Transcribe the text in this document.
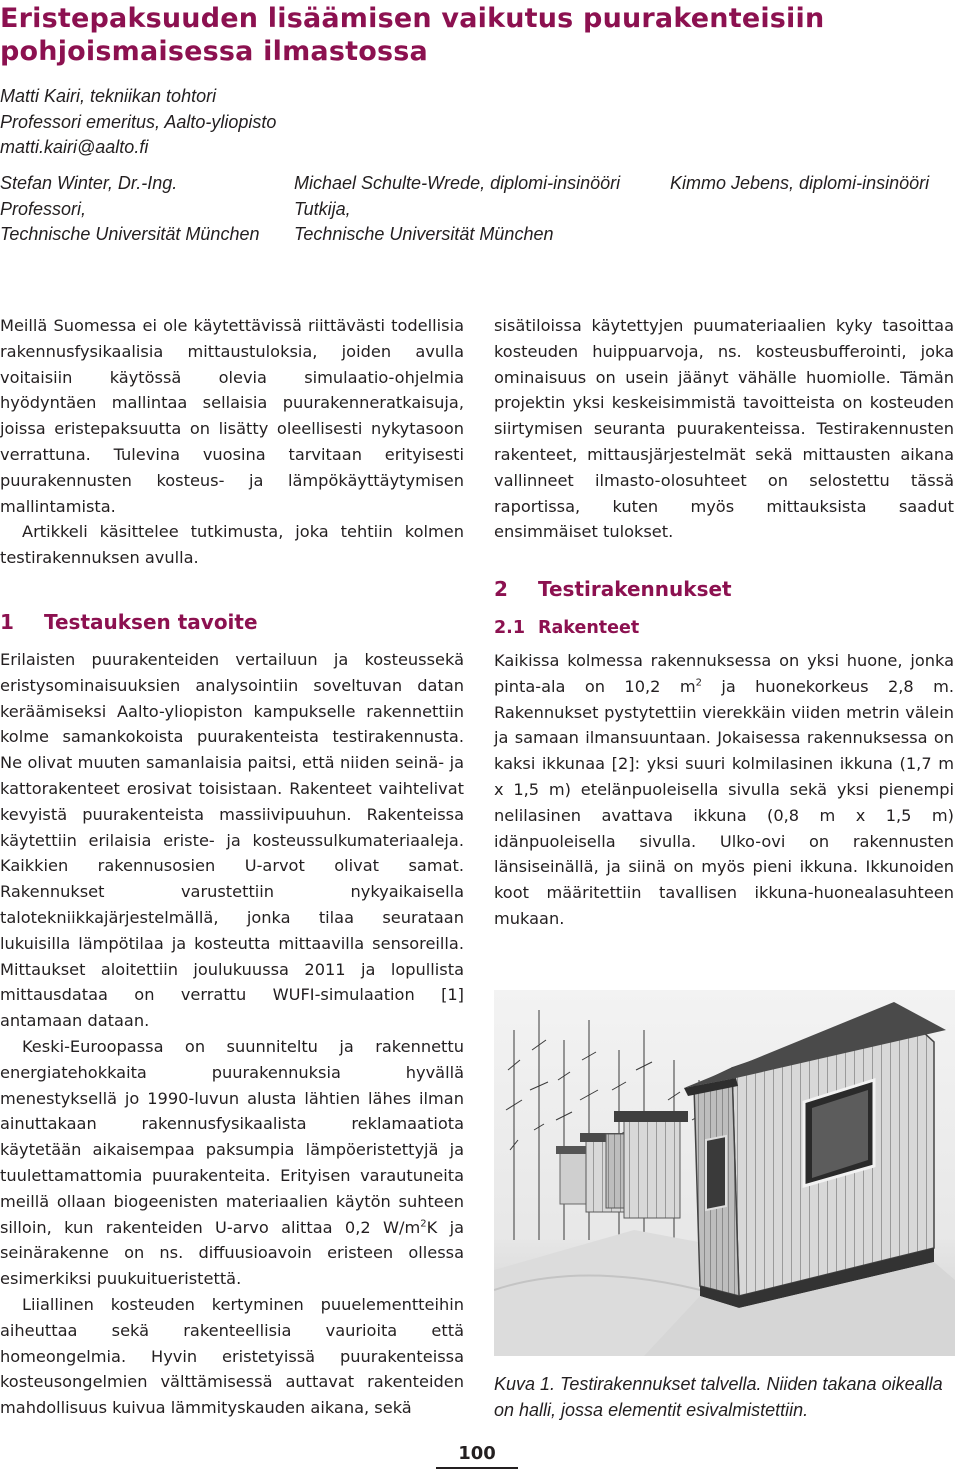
Eristepaksuuden lisäämisen vaikutus puurakenteisiin pohjoismaisessa ilmastossa
Matti Kairi, tekniikan tohtori
Professori emeritus, Aalto-yliopisto
matti.kairi@aalto.fi
Stefan Winter, Dr.-Ing.
Professori,
Technische Universität München
Michael Schulte-Wrede, diplomi-insinööri
Tutkija,
Technische Universität München
Kimmo Jebens, diplomi-insinööri

Meillä Suomessa ei ole käytettävissä riittävästi todellisia rakennusfysikaalisia mittaustuloksia, joiden avulla voitaisiin käytössä olevia simulaatio-ohjelmia hyödyntäen mallintaa sellaisia puurakenneratkaisuja, joissa eristepaksuutta on lisätty oleellisesti nykytasoon verrattuna. Tulevina vuosina tarvitaan erityisesti puurakennusten kosteus- ja lämpökäyttäytymisen mallintamista.

Artikkeli käsittelee tutkimusta, joka tehtiin kolmen testirakennuksen avulla.

1 Testauksen tavoite

Erilaisten puurakenteiden vertailuun ja kosteussekä eristysominaisuuksien analysointiin soveltuvan datan keräämiseksi Aalto-yliopiston kampukselle rakennettiin kolme samankokoista puurakenteista testirakennusta. Ne olivat muuten samanlaisia paitsi, että niiden seinä- ja kattorakenteet erosivat toisistaan. Rakenteet vaihtelivat kevyistä puurakenteista massiivipuuhun. Rakenteissa käytettiin erilaisia eriste- ja kosteussulkumateriaaleja. Kaikkien rakennusosien U-arvot olivat samat. Rakennukset varustettiin nykyaikaisella talotekniikkajärjestelmällä, jonka tilaa seurataan lukuisilla lämpötilaa ja kosteutta mittaavilla sensoreilla. Mittaukset aloitettiin joulukuussa 2011 ja lopullista mittausdataa on verrattu WUFI-simulaation [1] antamaan dataan.

Keski-Euroopassa on suunniteltu ja rakennettu energiatehokkaita puurakennuksia hyvällä menestyksellä jo 1990-luvun alusta lähtien lähes ilman ainuttakaan rakennusfysikaalista reklamaatiota käytetään aikaisempaa paksumpia lämpöeristettyjä ja tuulettamattomia puurakenteita. Erityisen varautuneita meillä ollaan biogeenisten materiaalien käytön suhteen silloin, kun rakenteiden U-arvo alittaa 0,2 $W/m^2K$ ja seinärakenne on ns. diffuusioavoin eristeen ollessa esimerkiksi puukuitueristettä.

Liiallinen kosteuden kertyminen puuelementteihin aiheuttaa sekä rakenteellisia vaurioita että homeongelmia. Hyvin eristetyissä puurakenteissa kosteusongelmien välttämisessä auttavat rakenteiden mahdollisuus kuivua lämmityskauden aikana, sekä

sisätiloissa käytettyjen puumateriaalien kyky tasoittaa kosteuden huippuarvoja, ns. kosteusbufferointi, joka ominaisuus on usein jäänyt vähälle huomiolle. Tämän projektin yksi keskeisimmistä tavoitteista on kosteuden siirtymisen seuranta puurakenteissa. Testirakennusten rakenteet, mittausjärjestelmät sekä mittausten aikana vallinneet ilmasto-olosuhteet on selostettu tässä raportissa, kuten myös mittauksista saadut ensimmäiset tulokset.

2 Testirakennukset
2.1 Rakenteet

Kaikissa kolmessa rakennuksessa on yksi huone, jonka pinta-ala on 10,2 $m^2$ ja huonekorkeus 2,8 m. Rakennukset pystytettiin vierekkäin viiden metrin välein ja samaan ilmansuuntaan. Jokaisessa rakennuksessa on kaksi ikkunaa [2]: yksi suuri kolmilasinen ikkuna (1,7 m x 1,5 m) etelänpuoleisella sivulla sekä yksi pienempi nelilasinen avattava ikkuna (0,8 m x 1,5 m) idänpuoleisella sivulla. Ulko-ovi on rakennusten länsiseinällä, ja siinä on myös pieni ikkuna. Ikkunoiden koot määritettiin tavallisen ikkuna-huonealasuhteen mukaan.

Kuva 1. Testirakennukset talvella. Niiden takana oikealla on halli, jossa elementit esivalmistettiin.
100
